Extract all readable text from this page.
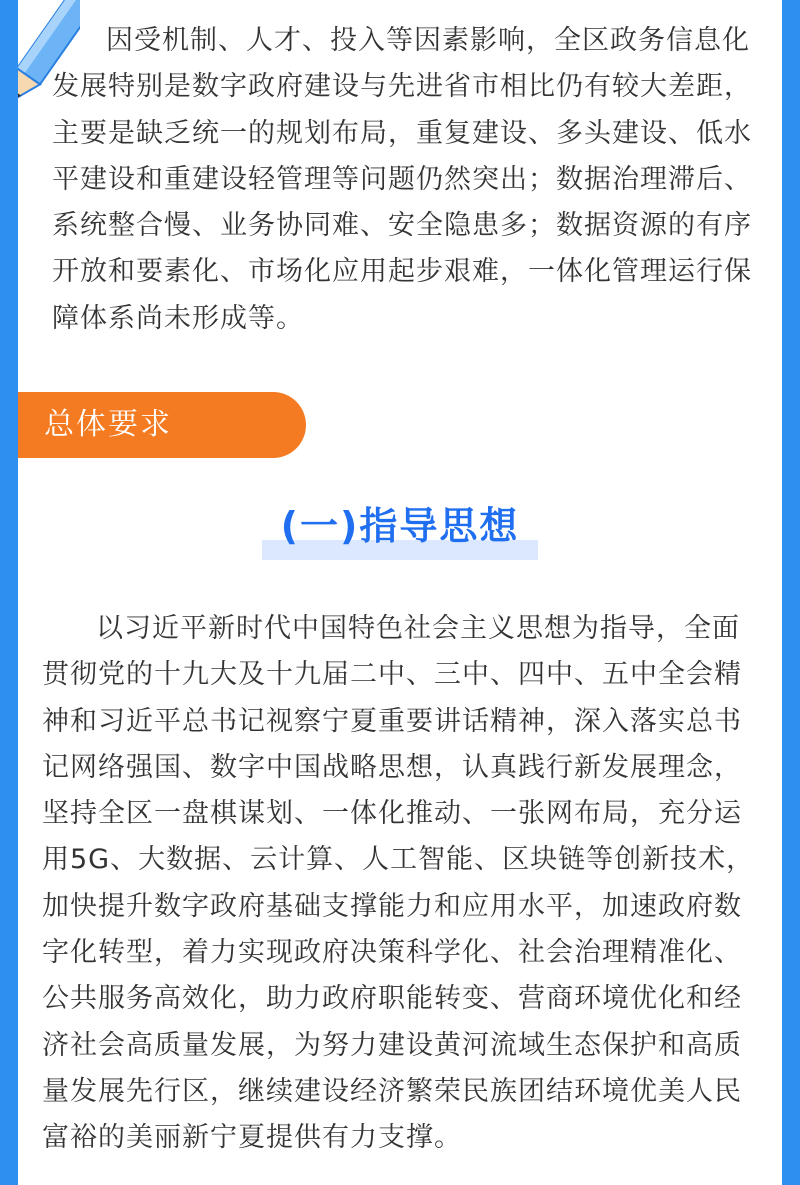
因受机制、人才、投入等因素影响，全区政务信息化发展特别是数字政府建设与先进省市相比仍有较大差距，主要是缺乏统一的规划布局，重复建设、多头建设、低水平建设和重建设轻管理等问题仍然突出；数据治理滞后、系统整合慢、业务协同难、安全隐患多；数据资源的有序开放和要素化、市场化应用起步艰难，一体化管理运行保障体系尚未形成等。

总体要求
(一)指导思想

以习近平新时代中国特色社会主义思想为指导，全面贯彻党的十九大及十九届二中、三中、四中、五中全会精神和习近平总书记视察宁夏重要讲话精神，深入落实总书记网络强国、数字中国战略思想，认真践行新发展理念，坚持全区一盘棋谋划、一体化推动、一张网布局，充分运用5G、大数据、云计算、人工智能、区块链等创新技术，加快提升数字政府基础支撑能力和应用水平，加速政府数字化转型，着力实现政府决策科学化、社会治理精准化、公共服务高效化，助力政府职能转变、营商环境优化和经济社会高质量发展，为努力建设黄河流域生态保护和高质量发展先行区，继续建设经济繁荣民族团结环境优美人民富裕的美丽新宁夏提供有力支撑。
